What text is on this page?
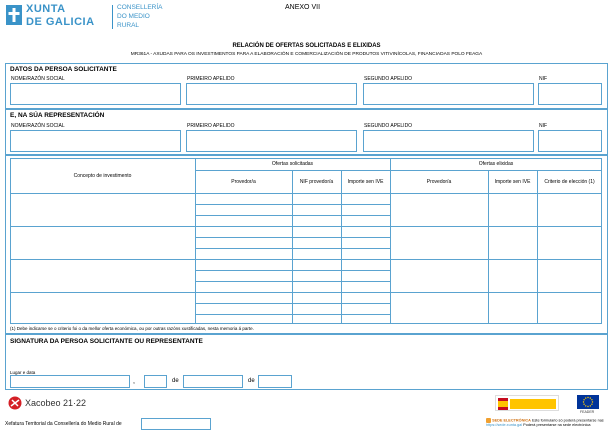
XUNTA
DE GALICIA
CONSELLERÍA
DO MEDIO
RURAL
ANEXO VII
RELACIÓN DE OFERTAS SOLICITADAS E ELIXIDAS
MR361A - AXUDAS PARA OS INVESTIMENTOS PARA A ELABORACIÓN E COMERCIALIZACIÓN DE PRODUTOS VITIVINÍCOLAS, FINANCIADAS POLO FEAGA
DATOS DA PERSOA SOLICITANTE
NOME/RAZÓN SOCIAL	PRIMEIRO APELIDO	SEGUNDO APELIDO	NIF
E, NA SÚA REPRESENTACIÓN
NOME/RAZÓN SOCIAL	PRIMEIRO APELIDO	SEGUNDO APELIDO	NIF
Concepto de investimento
Ofertas solicitadas	Ofertas elixidas
Provedor/a	NIF provedor/a	Importe sen IVE	Provedor/a	Importe sen IVE	Criterio de elección (1)
(1) Debe indicarse se o criterio foi o da mellor oferta económica, ou por outras razóns xustificadas, nesta memoria á parte.
SIGNATURA DA PERSOA SOLICITANTE OU REPRESENTANTE
Lugar e data
,	de	de
Xacobeo 21·22
FEADER
Xefatura Territorial da Consellería do Medio Rural de
SEDE ELECTRÓNICA Este formulario só poderá presentarse nas
https://sede.xunta.gal Poderá presentarse na sede electrónica
